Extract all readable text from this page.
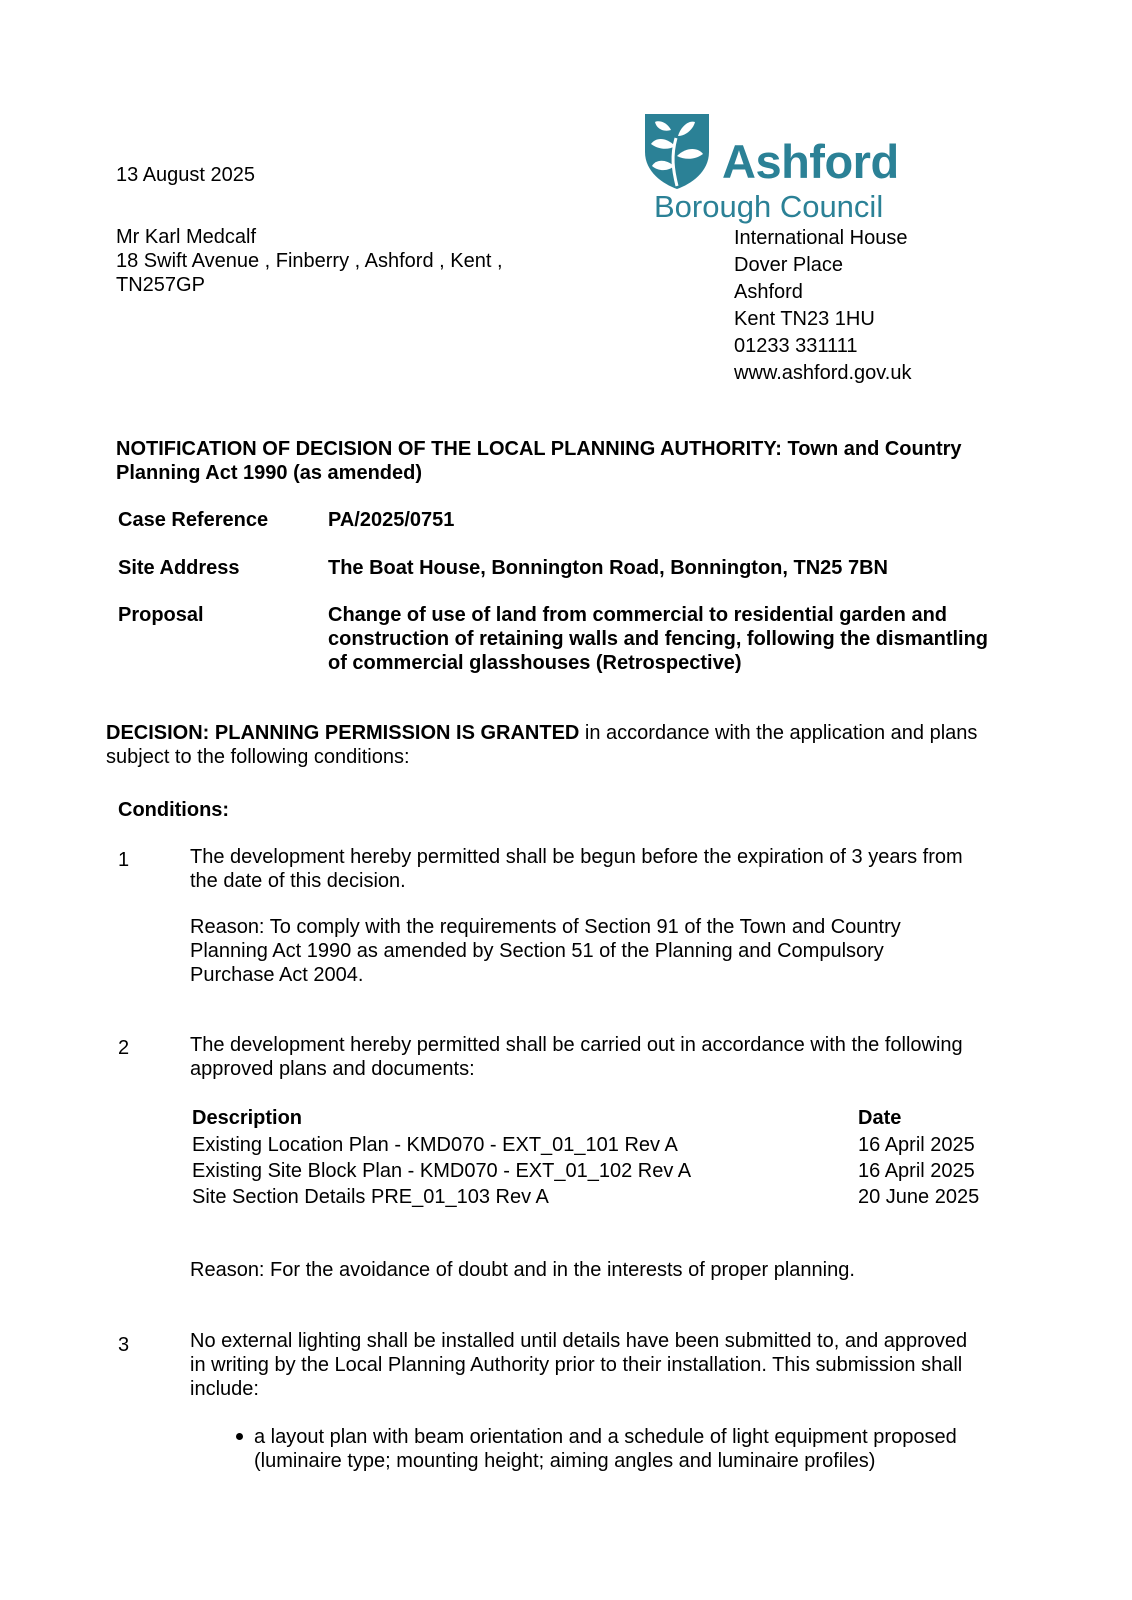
Ashford
Borough Council
13 August 2025
Mr Karl Medcalf
18 Swift Avenue , Finberry , Ashford , Kent ,
TN257GP
International House
Dover Place
Ashford
Kent TN23 1HU
01233 331111
www.ashford.gov.uk
NOTIFICATION OF DECISION OF THE LOCAL PLANNING AUTHORITY: Town and Country
Planning Act 1990 (as amended)
Case Reference	PA/2025/0751
Site Address	The Boat House, Bonnington Road, Bonnington, TN25 7BN
Proposal	Change of use of land from commercial to residential garden and
construction of retaining walls and fencing, following the dismantling
of commercial glasshouses (Retrospective)
DECISION: PLANNING PERMISSION IS GRANTED in accordance with the application and plans
subject to the following conditions:
Conditions:
1	The development hereby permitted shall be begun before the expiration of 3 years from
the date of this decision.
Reason: To comply with the requirements of Section 91 of the Town and Country
Planning Act 1990 as amended by Section 51 of the Planning and Compulsory
Purchase Act 2004.
2	The development hereby permitted shall be carried out in accordance with the following
approved plans and documents:
Description	Date
Existing Location Plan - KMD070 - EXT_01_101 Rev A	16 April 2025
Existing Site Block Plan - KMD070 - EXT_01_102 Rev A	16 April 2025
Site Section Details PRE_01_103 Rev A	20 June 2025
Reason: For the avoidance of doubt and in the interests of proper planning.
3	No external lighting shall be installed until details have been submitted to, and approved
in writing by the Local Planning Authority prior to their installation. This submission shall
include:
a layout plan with beam orientation and a schedule of light equipment proposed
(luminaire type; mounting height; aiming angles and luminaire profiles)
